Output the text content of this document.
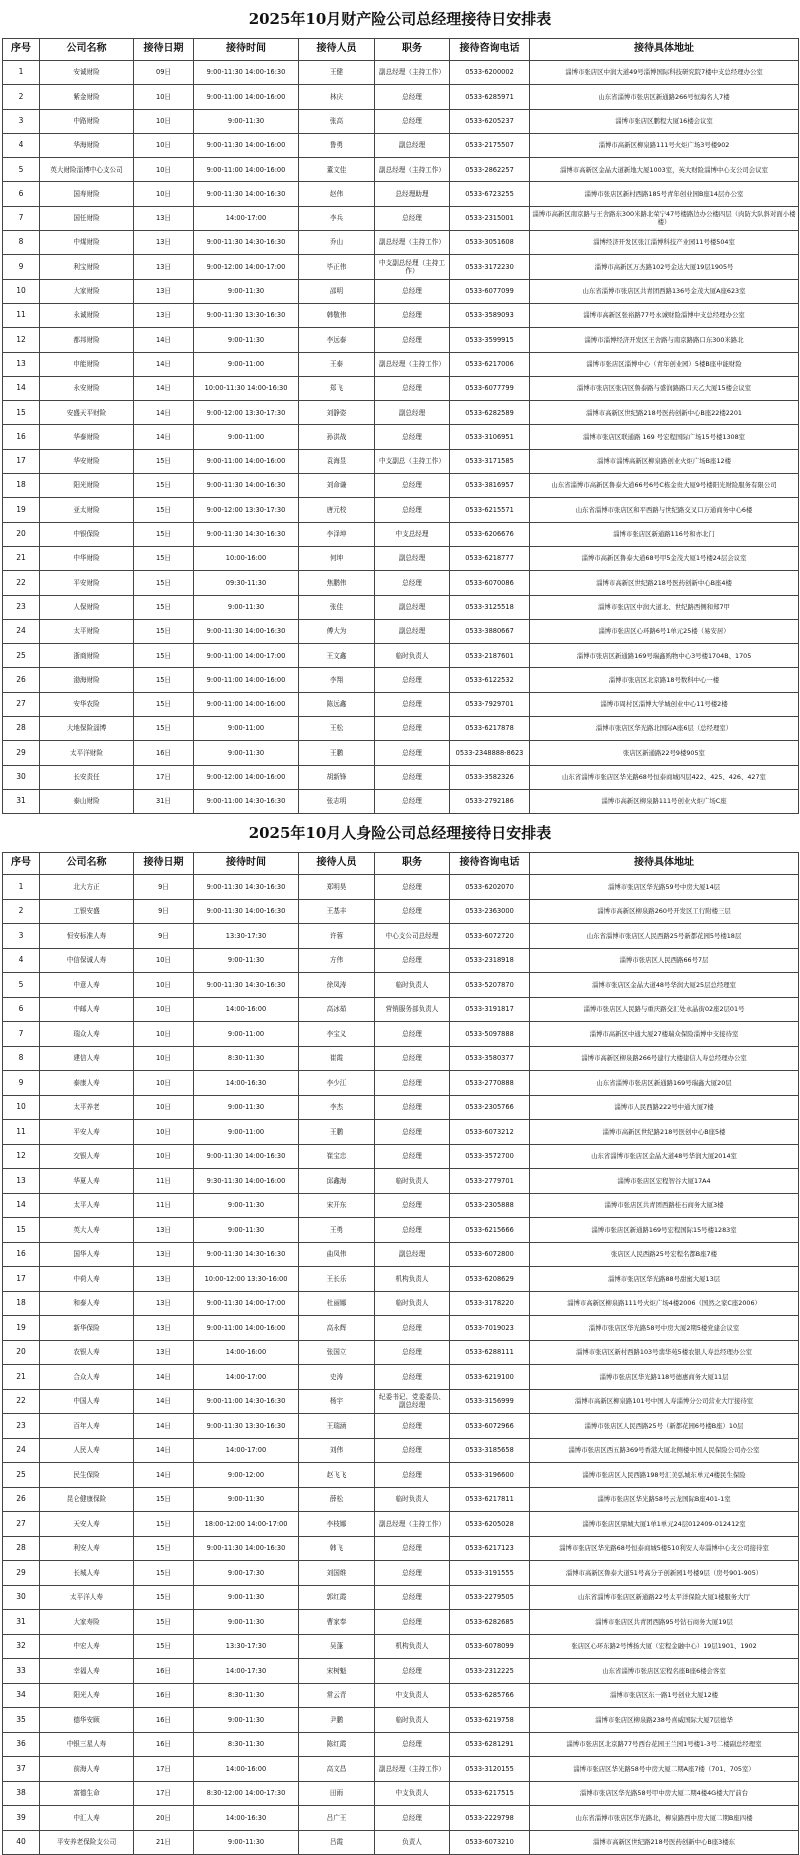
2025年10月财产险公司总经理接待日安排表
序号	公司名称	接待日期	接待时间	接待人员	职务	接待咨询电话	接待具体地址
1	安诚财险	09日	9:00-11:30 14:00-16:30	王健	副总经理（主持工作）	0533-6200002	淄博市张店区中润大道49号淄博国际科技研究院7楼中支总经理办公室
2	紫金财险	10日	9:00-11:00 14:00-16:00	林庆	总经理	0533-6285971	山东省淄博市张店区新通路266号恒海名人7楼
3	中路财险	10日	9:00-11:30	张高	总经理	0533-6205237	淄博市张店区鹏程大厦16楼会议室
4	华海财险	10日	9:00-11:30 14:00-16:00	鲁勇	副总经理	0533-2175507	淄博市高新区柳泉路111号火炬广场3号楼902
5	英大财险淄博中心支公司	10日	9:00-11:00 14:00-16:00	董文佳	副总经理（主持工作）	0533-2862257	淄博市高新区金晶大道新地大厦1003室，英大财险淄博中心支公司会议室
6	国寿财险	10日	9:00-11:30 14:00-16:30	赵伟	总经理助理	0533-6723255	淄博市张店区新村西路185号青年创业园B座14层办公室
7	国任财险	13日	14:00-17:00	李兵	总经理	0533-2315001	淄博市高新区南京路与王舍路东300米路北荣宁47号楼路边办公楼四层（肉防大队斜对面小楼楼）
8	中煤财险	13日	9:00-11:30 14:30-16:30	乔山	副总经理（主持工作）	0533-3051608	淄博经济开发区张江淄博科技产业园11号楼504室
9	利宝财险	13日	9:00-12:00 14:00-17:00	毕正伟	中支副总经理（主持工作）	0533-3172230	淄博市高新区万杰路102号金达大厦19层1905号
10	大家财险	13日	9:00-11:30	邵明	总经理	0533-6077099	山东省淄博市张店区共青团西路136号金茂大厦A座623室
11	永诚财险	13日	9:00-11:30 13:30-16:30	韩敬伟	总经理	0533-3589093	淄博市高新区张裕路77号永诚财险淄博中支总经理办公室
12	都邦财险	14日	9:00-11:30	李远泰	总经理	0533-3599915	淄博市淄博经济开发区王舍路与南京路路口东300米路北
13	申能财险	14日	9:00-11:00	王泰	副总经理（主持工作）	0533-6217006	淄博市张店区淄博中心（青年创业园）5楼B座申能财险
14	永安财险	14日	10:00-11:30 14:00-16:30	郑飞	总经理	0533-6077799	淄博市张店区张店区鲁泰路与盛润路路口天乙大厦15楼会议室
15	安盛天平财险	14日	9:00-12:00 13:30-17:30	刘静姿	副总经理	0533-6282589	淄博市高新区世纪路218号医药创新中心B座22楼2201
16	华泰财险	14日	9:00-11:00	孙洪战	总经理	0533-3106951	淄博市张店区联通路 169 号宏程国际广场15号楼1308室
17	华安财险	15日	9:00-11:00 14:00-16:00	袁海昱	中支副总（主持工作）	0533-3171585	淄博市淄博高新区柳泉路创业火炬广场B座12楼
18	阳光财险	15日	9:00-11:30 14:00-16:30	刘命谦	总经理	0533-3816957	山东省淄博市高新区鲁泰大道66号6号C栋金贵大厦9号楼阳光财险服务有限公司
19	亚太财险	15日	9:00-12:00 13:30-17:30	唐元校	总经理	0533-6215571	山东省淄博市张店区和平西路与世纪路交叉口万通商务中心6楼
20	中银保险	15日	9:00-11:30 14:30-16:30	李泽坤	中支总经理	0533-6206676	淄博市张店区新通路116号和亦北门
21	中华财险	15日	10:00-16:00	何坤	副总经理	0533-6218777	淄博市高新区鲁泰大道68号甲5金茂大厦1号楼24层会议室
22	平安财险	15日	09:30-11:30	焦鹏伟	总经理	0533-6070086	淄博市高新区世纪路218号医药创新中心B座4楼
23	人保财险	15日	9:00-11:30	张佳	副总经理	0533-3125518	淄博市张店区中润大道北、世纪路西侧和郑7甲
24	太平财险	15日	9:00-11:30 14:00-16:30	傅大为	副总经理	0533-3880667	淄博市张店区心环路6号1单元25楼（易安居）
25	浙商财险	15日	9:00-11:00 14:00-17:00	王文鑫	临时负责人	0533-2187601	淄博市张店区新通路169号瑞鑫购物中心3号楼1704B、1705
26	渤海财险	15日	9:00-11:00 14:00-16:00	李翔	总经理	0533-6122532	淄博市张店区北京路18号数科中心一楼
27	安华农险	15日	9:00-11:00 14:00-16:00	陈远鑫	总经理	0533-7929701	淄博市周村区淄博大学城创业中心11号楼2楼
28	大地保险淄博	15日	9:00-11:00	王松	总经理	0533-6217878	淄博市张店区华光路北国际A座6层（总经理室）
29	太平洋财险	16日	9:00-11:30	王鹏	总经理	0533-2348888-8623	张店区新通路22号9楼905室
30	长安责任	17日	9:00-12:00 14:00-16:00	胡新锋	总经理	0533-3582326	山东省淄博市张店区华光路68号恒泰商城四层422、425、426、427室
31	泰山财险	31日	9:00-11:00 14:30-16:30	张志明	总经理	0533-2792186	淄博市高新区柳泉路111号创业火炬广场C座
2025年10月人身险公司总经理接待日安排表
序号	公司名称	接待日期	接待时间	接待人员	职务	接待咨询电话	接待具体地址
1	北大方正	9日	9:00-11:30 14:30-16:30	郑明昊	总经理	0533-6202070	淄博市张店区华光路59号中房大厦14层
2	工银安盛	9日	9:00-11:30 14:00-16:30	王基丰	总经理	0533-2363000	淄博市高新区柳泉路260号开发区工行附楼三层
3	恒安标准人寿	9日	13:30-17:30	许蓉	中心支公司总经理	0533-6072720	山东省淄博市张店区人民西路25号新都花园5号楼18层
4	中信保诚人寿	10日	9:00-11:30	方伟	总经理	0533-2318918	淄博市张店区人民西路66号7层
5	中意人寿	10日	9:00-11:30 14:30-16:30	徐凤涛	临时负责人	0533-5207870	淄博市张店区金晶大道48号华润大厦25层总经理室
6	中邮人寿	10日	14:00-16:00	高冰茹	营销服务部负责人	0533-3191817	淄博市张店区人民路与重庆路交汇处永晶街02座2层01号
7	瑞众人寿	10日	9:00-11:00	李宝义	总经理	0533-5097888	淄博市高新区中通大厦27楼瑞众保险淄博中支接待室
8	建信人寿	10日	8:30-11:30	崔霞	总经理	0533-3580377	淄博市高新区柳泉路266号建行大楼建信人寿总经理办公室
9	泰康人寿	10日	14:00-16:30	李少江	总经理	0533-2770888	山东省淄博市张店区新通路169号瑞鑫大厦20层
10	太平养老	10日	9:00-11:30	李杰	总经理	0533-2305766	淄博市人民西路222号中通大厦7楼
11	平安人寿	10日	9:00-11:00	王鹏	总经理	0533-6073212	淄博市高新区世纪路218号医创中心B座5楼
12	交银人寿	10日	9:00-11:30 14:00-16:30	崔宝忠	总经理	0533-3572700	山东省淄博市张店区金晶大道48号华润大厦2014室
13	华夏人寿	11日	9:30-11:30 14:00-16:00	邱鑫海	临时负责人	0533-2779701	淄博市张店区宏程智谷大厦17A4
14	太平人寿	11日	9:00-11:30	宋开东	总经理	0533-2305888	淄博市张店区共青团西路桂石商务大厦3楼
15	英大人寿	13日	9:00-11:30	王勇	总经理	0533-6215666	淄博市张店区新通路169号宏程国际15号楼1283室
16	国华人寿	13日	9:00-11:30 14:30-16:30	曲凤伟	副总经理	0533-6072800	张店区人民西路25号宏程名都B座7楼
17	中荷人寿	13日	10:00-12:00 13:30-16:00	王长乐	机构负责人	0533-6208629	淄博市张店区华光路88号甜蜜大厦13层
18	和泰人寿	13日	9:00-11:30 14:00-17:00	杜丽娜	临时负责人	0533-3178220	淄博市高新区柳泉路111号火炬广场4楼2006（国然之家C座2006）
19	新华保险	13日	9:00-11:00 14:00-16:00	高永辉	总经理	0533-7019023	淄博市张店区华光路58号中房大厦2期5楼党建会议室
20	农银人寿	13日	14:00-16:00	张国立	总经理	0533-6288111	淄博市张店区新村西路103号翡华苑5楼农银人寿总经理办公室
21	合众人寿	14日	14:00-17:00	史涛	总经理	0533-6219100	淄博市张店区华光路118号德惠商务大厦11层
22	中国人寿	14日	9:00-11:00 14:30-16:30	杨宇	纪委书记、党委委员、副总经理	0533-3156999	淄博市高新区柳泉路101号中国人寿淄博分公司营业大厅接待室
23	百年人寿	14日	9:00-11:30 13:30-16:30	王瑞涵	总经理	0533-6072966	淄博市张店区人民西路25号（新都花园6号楼B座）10层
24	人民人寿	14日	14:00-17:00	刘伟	总经理	0533-3185658	淄博市张店区西五路369号香港大厦北侧楼中国人民保险公司办公室
25	民生保险	14日	9:00-12:00	赵飞飞	总经理	0533-3196600	淄博市张店区人民西路198号汇美弘城东单元4楼民生保险
26	昆仑健康保险	15日	9:00-11:30	薛松	临时负责人	0533-6217811	淄博市张店区华光路58号云龙国际B座401-1室
27	天安人寿	15日	18:00-12:00 14:00-17:00	李枝娜	副总经理（主持工作）	0533-6205028	淄博市张店区鼎城大厦1单1单元24层012409-012412室
28	利安人寿	15日	9:00-11:30 14:00-16:30	韩飞	总经理	0533-6217123	淄博市张店区华光路68号恒泰商城5楼510利安人寿淄博中心支公司接待室
29	长城人寿	15日	9:00-17:30	刘国维	总经理	0533-3191555	淄博市高新区鲁泰大道51号高分子创新园1号楼9层（房号901-905）
30	太平洋人寿	15日	9:00-11:30	郭红霞	总经理	0533-2279505	山东省淄博市张店区新通路22号太平洋保险大厦1楼服务大厅
31	大家寿险	15日	9:00-11:30	曹家奉	总经理	0533-6282685	淄博市张店区共青团西路95号钻石商务大厦19层
32	中宏人寿	15日	13:30-17:30	吴蓬	机构负责人	0533-6078099	张店区心环东路2号博扬大厦（宏程金融中心）19层1901、1902
33	幸福人寿	16日	14:00-17:30	宋树魁	总经理	0533-2312225	山东省淄博市张店区宏程名座B座6楼会客室
34	阳光人寿	16日	8:30-11:30	常云青	中支负责人	0533-6285766	淄博市张店区东一路1号创业大厦12楼
35	德华安顾	16日	9:00-11:30	尹鹏	临时负责人	0533-6219758	淄博市张店区柳泉路238号喜威国际大厦7层德华
36	中银三星人寿	16日	8:30-11:30	陈红霞	总经理	0533-6281291	淄博市张店区北京路77号西台花园王兰园1号楼1-3号二楼副总经理室
37	前海人寿	17日	14:00-16:00	高文昌	副总经理（主持工作）	0533-3120155	淄博市张店区华光路58号中房大厦二期A座7楼（701、705室）
38	富德生命	17日	8:30-12:00 14:00-17:30	田雨	中支负责人	0533-6217515	淄博市张店区华光路58号甲中房大厦二期4楼4G楼大厅前台
39	中汇人寿	20日	14:00-16:30	吕广王	总经理	0533-2229798	山东省淄博市张店区华光路北，柳泉路西中房大厦二期B座四楼
40	平安养老保险支公司	21日	9:00-11:30	吕霞	负责人	0533-6073210	淄博市高新区世纪路218号医药创新中心B座3楼东
